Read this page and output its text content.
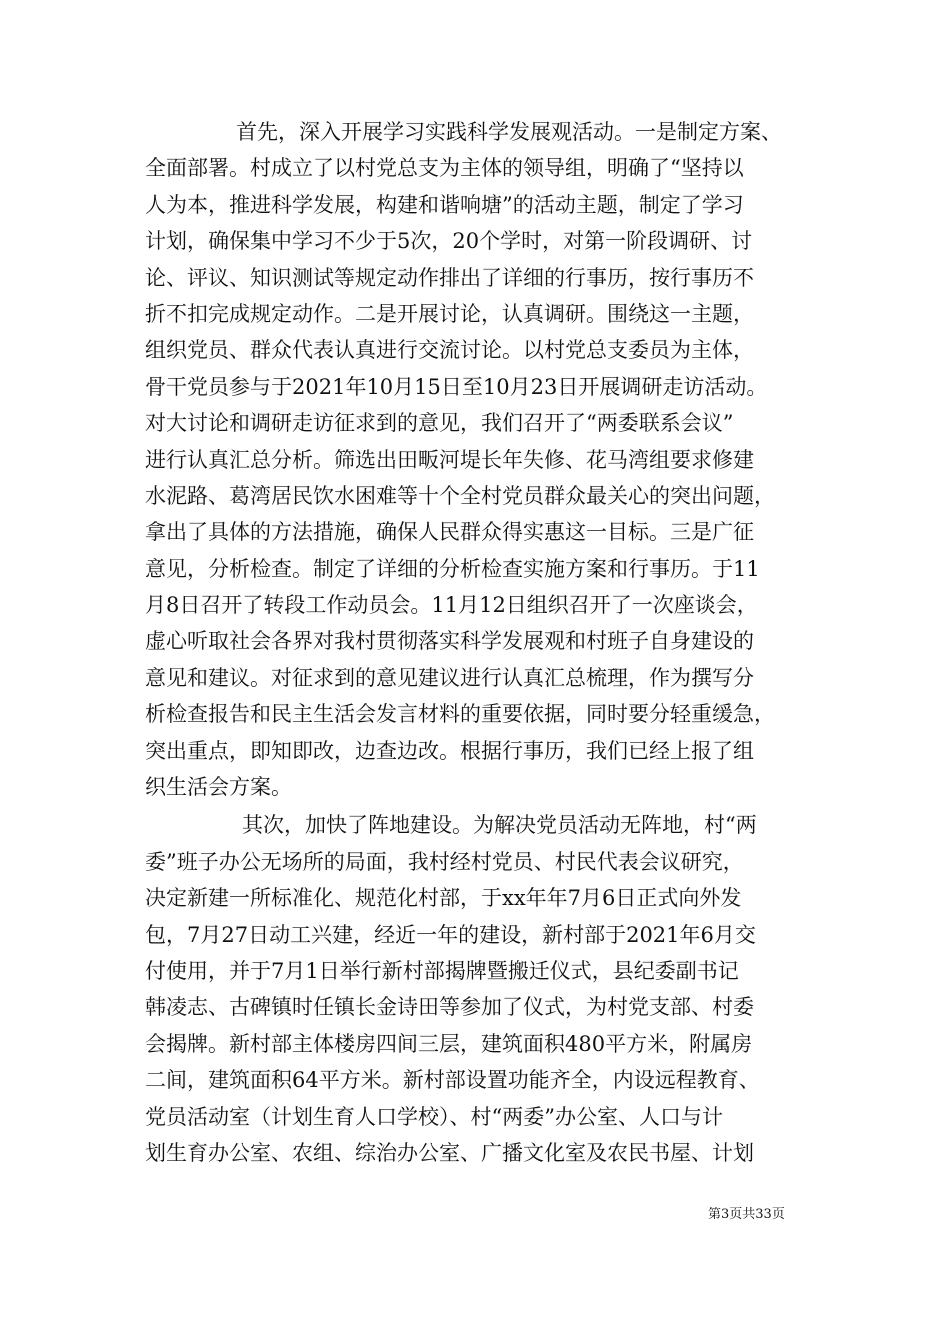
首先，深入开展学习实践科学发展观活动。一是制定方案、
全面部署。村成立了以村党总支为主体的领导组，明确了“坚持以
人为本，推进科学发展，构建和谐响塘”的活动主题，制定了学习
计划，确保集中学习不少于5次，20个学时，对第一阶段调研、讨
论、评议、知识测试等规定动作排出了详细的行事历，按行事历不
折不扣完成规定动作。二是开展讨论，认真调研。围绕这一主题，
组织党员、群众代表认真进行交流讨论。以村党总支委员为主体，
骨干党员参与于2021年10月15日至10月23日开展调研走访活动。
对大讨论和调研走访征求到的意见，我们召开了“两委联系会议”
进行认真汇总分析。筛选出田畈河堤长年失修、花马湾组要求修建
水泥路、葛湾居民饮水困难等十个全村党员群众最关心的突出问题，
拿出了具体的方法措施，确保人民群众得实惠这一目标。三是广征
意见，分析检查。制定了详细的分析检查实施方案和行事历。于11
月8日召开了转段工作动员会。11月12日组织召开了一次座谈会，
虚心听取社会各界对我村贯彻落实科学发展观和村班子自身建设的
意见和建议。对征求到的意见建议进行认真汇总梳理，作为撰写分
析检查报告和民主生活会发言材料的重要依据，同时要分轻重缓急，
突出重点，即知即改，边查边改。根据行事历，我们已经上报了组
织生活会方案。
其次，加快了阵地建设。为解决党员活动无阵地，村“两
委”班子办公无场所的局面，我村经村党员、村民代表会议研究，
决定新建一所标准化、规范化村部，于xx年年7月6日正式向外发
包，7月27日动工兴建，经近一年的建设，新村部于2021年6月交
付使用，并于7月1日举行新村部揭牌暨搬迁仪式，县纪委副书记
韩凌志、古碑镇时任镇长金诗田等参加了仪式，为村党支部、村委
会揭牌。新村部主体楼房四间三层，建筑面积480平方米，附属房
二间，建筑面积64平方米。新村部设置功能齐全，内设远程教育、
党员活动室（计划生育人口学校）、村“两委”办公室、人口与计
划生育办公室、农组、综治办公室、广播文化室及农民书屋、计划
第3页共33页
